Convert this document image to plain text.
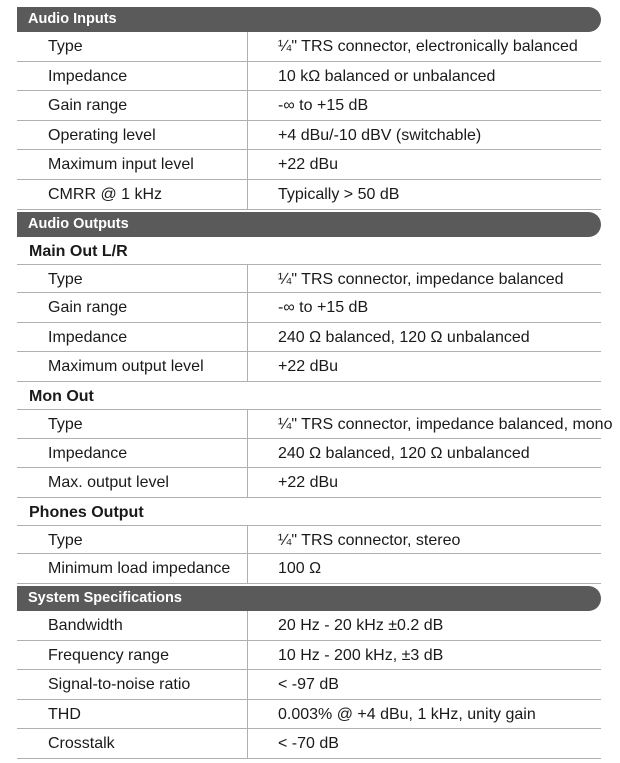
Audio Inputs
Type	¼" TRS connector, electronically balanced
Impedance	10 kΩ balanced or unbalanced
Gain range	-∞ to +15 dB
Operating level	+4 dBu/-10 dBV (switchable)
Maximum input level	+22 dBu
CMRR @ 1 kHz	Typically > 50 dB
Audio Outputs
Main Out L/R
Type	¼" TRS connector, impedance balanced
Gain range	-∞ to +15 dB
Impedance	240 Ω balanced, 120 Ω unbalanced
Maximum output level	+22 dBu
Mon Out
Type	¼" TRS connector, impedance balanced, mono
Impedance	240 Ω balanced, 120 Ω unbalanced
Max. output level	+22 dBu
Phones Output
Type	¼" TRS connector, stereo
Minimum load impedance	100 Ω
System Specifications
Bandwidth	20 Hz - 20 kHz ±0.2 dB
Frequency range	10 Hz - 200 kHz, ±3 dB
Signal-to-noise ratio	< -97 dB
THD	0.003% @ +4 dBu, 1 kHz, unity gain
Crosstalk	< -70 dB
